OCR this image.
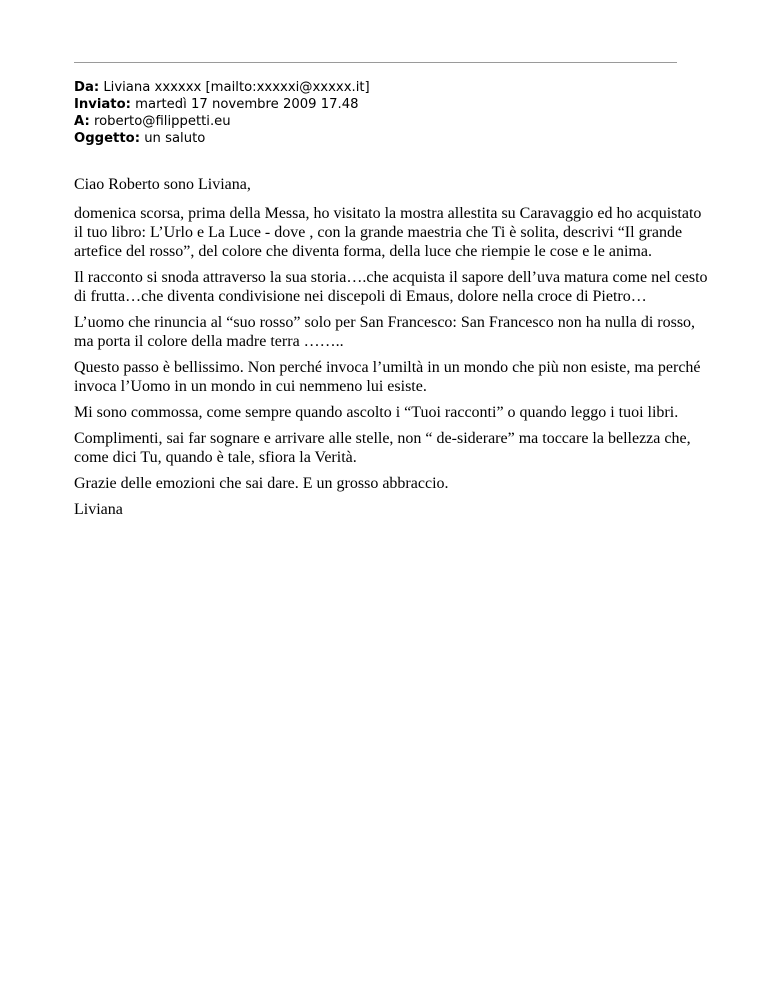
Da: Liviana xxxxxx [mailto:xxxxxi@xxxxx.it]
Inviato: martedì 17 novembre 2009 17.48
A: roberto@filippetti.eu
Oggetto: un saluto

Ciao Roberto sono Liviana,

domenica scorsa, prima della Messa, ho visitato la mostra allestita su Caravaggio ed ho acquistato il tuo libro: L’Urlo e La Luce - dove , con la grande maestria che Ti è solita, descrivi “Il grande artefice del rosso”, del colore che diventa forma, della luce che riempie le cose e le anima.

Il racconto si snoda attraverso la sua storia….che acquista il sapore dell’uva matura come nel cesto di frutta…che diventa condivisione nei discepoli di Emaus, dolore nella croce di Pietro…

L’uomo che rinuncia al “suo rosso” solo per San Francesco: San Francesco non ha nulla di rosso, ma porta il colore della madre terra ……..

Questo passo è bellissimo. Non perché invoca l’umiltà in un mondo che più non esiste, ma perché invoca l’Uomo in un mondo in cui nemmeno lui esiste.

Mi sono commossa, come sempre quando ascolto i “Tuoi racconti” o quando leggo i tuoi libri.

Complimenti, sai far sognare e arrivare alle stelle, non “ de-siderare” ma toccare la bellezza che, come dici Tu, quando è tale, sfiora la Verità.

Grazie delle emozioni che sai dare. E un grosso abbraccio.

Liviana
